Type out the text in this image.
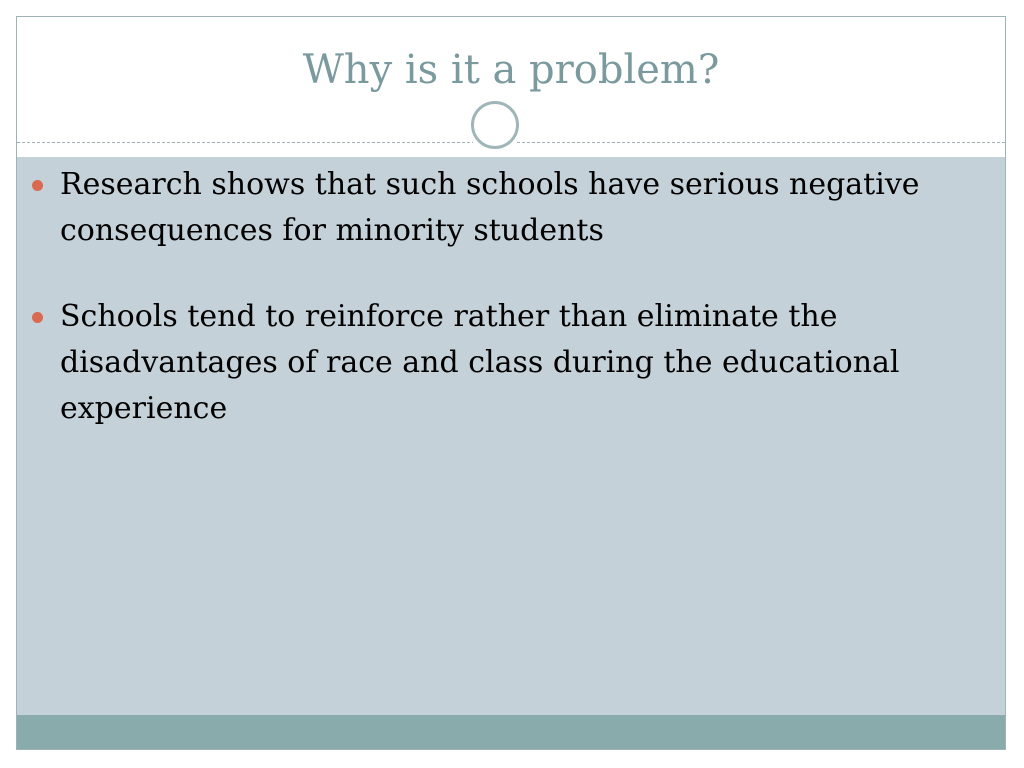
Why is it a problem?
Research shows that such schools have serious negative consequences for minority students
Schools tend to reinforce rather than eliminate the disadvantages of race and class during the educational experience
